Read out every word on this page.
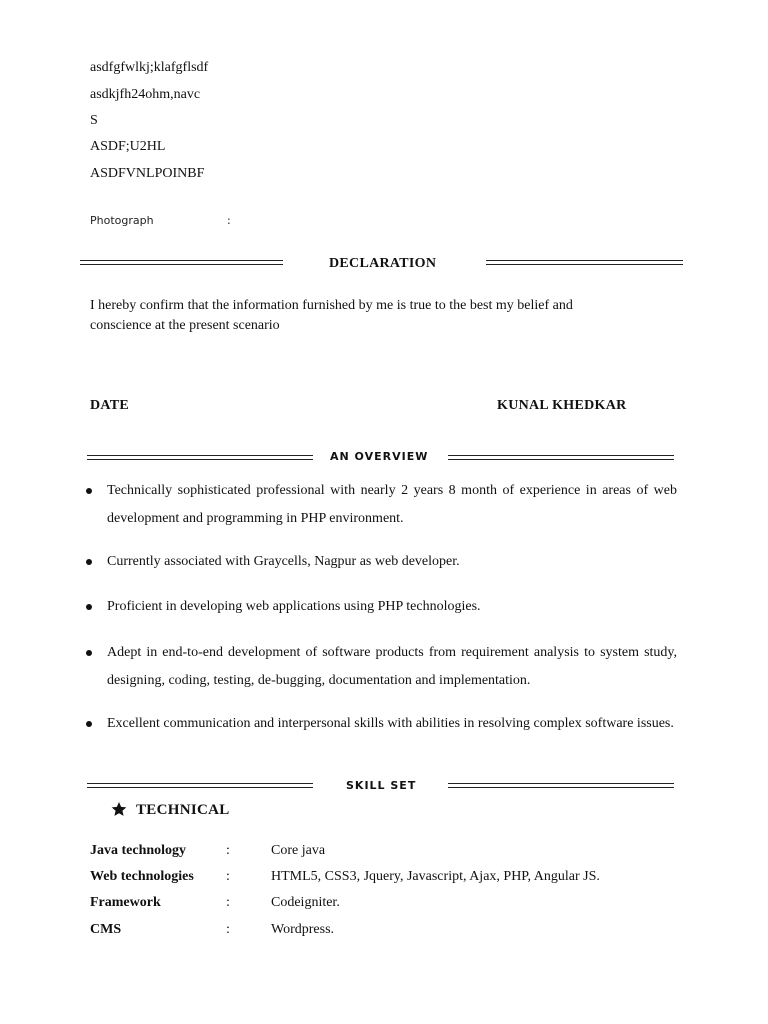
asdfgfwlkj;klafgflsdf
asdkjfh24ohm,navc
S
ASDF;U2HL
ASDFVNLPOINBF
Photograph	:
DECLARATION
I hereby confirm that the information furnished by me is true to the best my belief and conscience at the present scenario
DATE	KUNAL KHEDKAR
AN OVERVIEW
Technically sophisticated professional with nearly 2 years 8 month of experience in areas of web development and programming in PHP environment.
Currently associated with Graycells, Nagpur as web developer.
Proficient in developing web applications using PHP technologies.
Adept in end-to-end development of software products from requirement analysis to system study, designing, coding, testing, de-bugging, documentation and implementation.
Excellent communication and interpersonal skills with abilities in resolving complex software issues.
SKILL SET
TECHNICAL
Java technology	:	Core java
Web technologies :	HTML5, CSS3, Jquery, Javascript, Ajax, PHP, Angular JS.
Framework	:	Codeigniter.
CMS	:	Wordpress.
